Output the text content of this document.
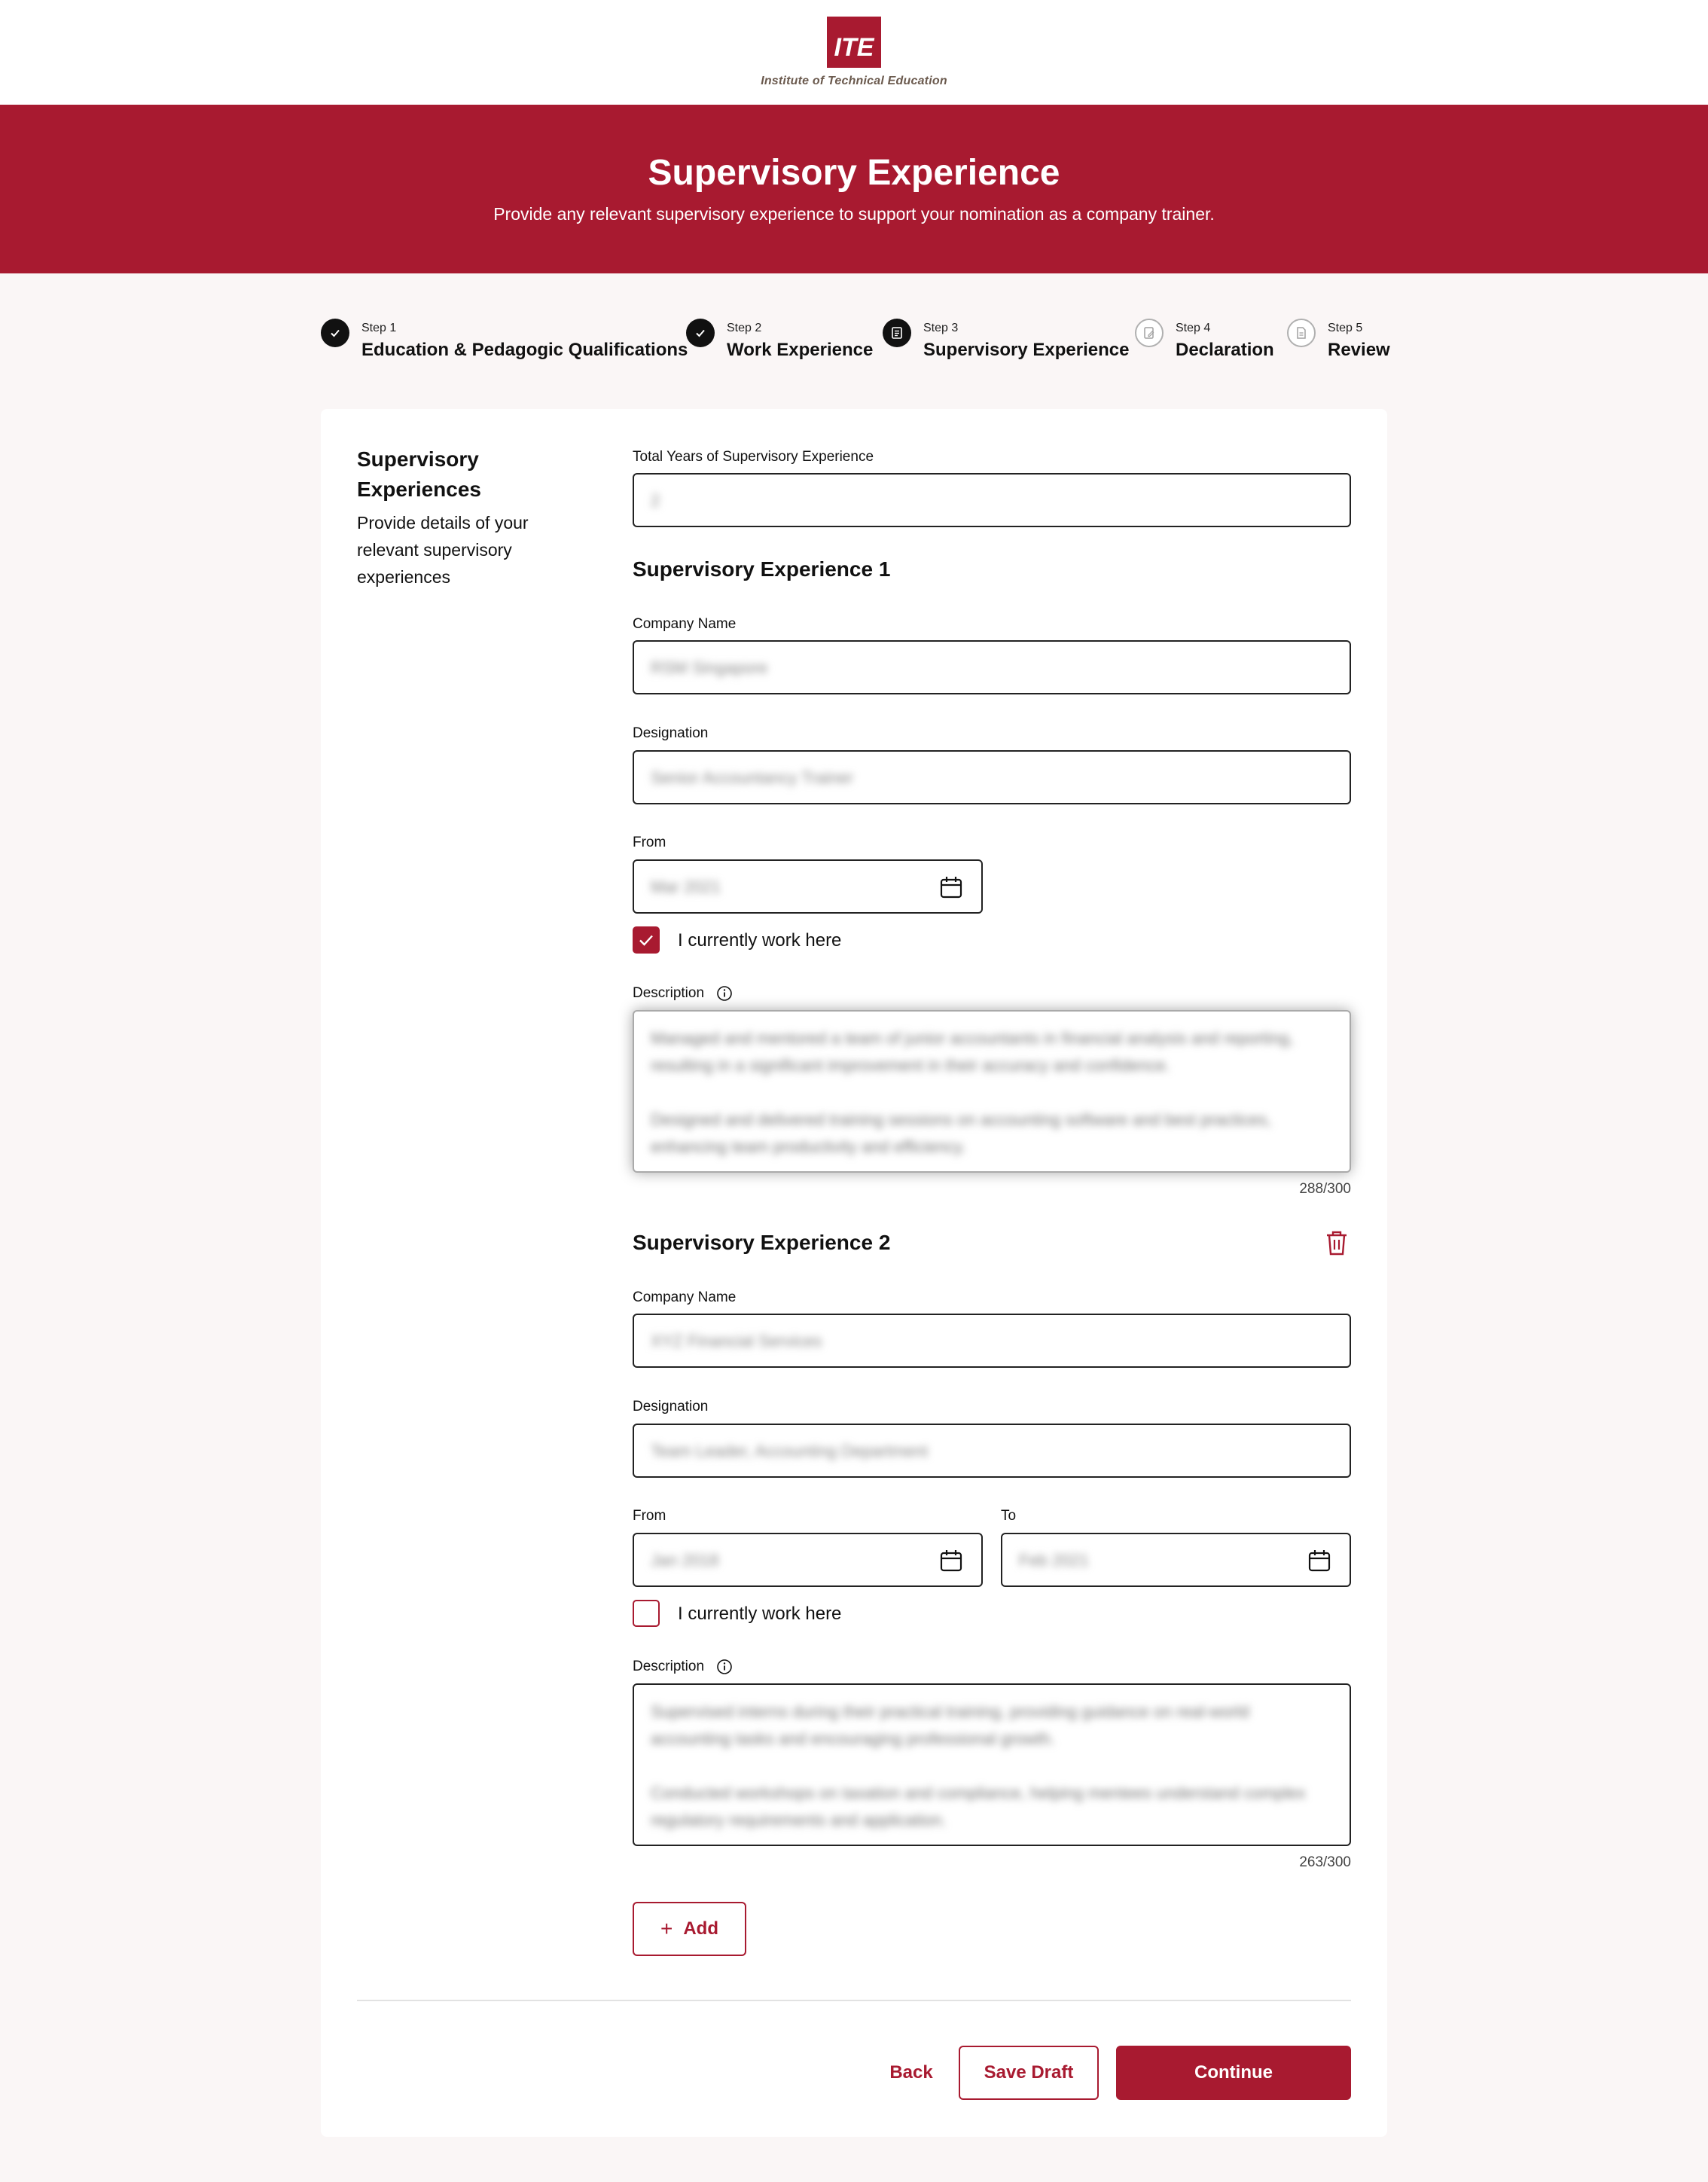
ITE
Institute of Technical Education
Supervisory Experience

Provide any relevant supervisory experience to support your nomination as a company trainer.

Step 1
Education & Pedagogic Qualifications
Step 2
Work Experience
Step 3
Supervisory Experience
Step 4
Declaration
Step 5
Review
Supervisory Experiences
Provide details of your relevant supervisory experiences
Total Years of Supervisory Experience
2
Supervisory Experience 1
Company Name
RSM Singapore
Designation
Senior Accountancy Trainer
From
Mar 2021
I currently work here
Description
Managed and mentored a team of junior accountants in financial analysis and reporting, resulting in a significant improvement in their accuracy and confidence.

Designed and delivered training sessions on accounting software and best practices, enhancing team productivity and efficiency.
288/300
Supervisory Experience 2
Company Name
XYZ Financial Services
Designation
Team Leader, Accounting Department
From
Jan 2018
To
Feb 2021
I currently work here
Description
Supervised interns during their practical training, providing guidance on real-world accounting tasks and encouraging professional growth.

Conducted workshops on taxation and compliance, helping mentees understand complex regulatory requirements and application.
263/300
+ Add
Back	Save Draft	Continue
